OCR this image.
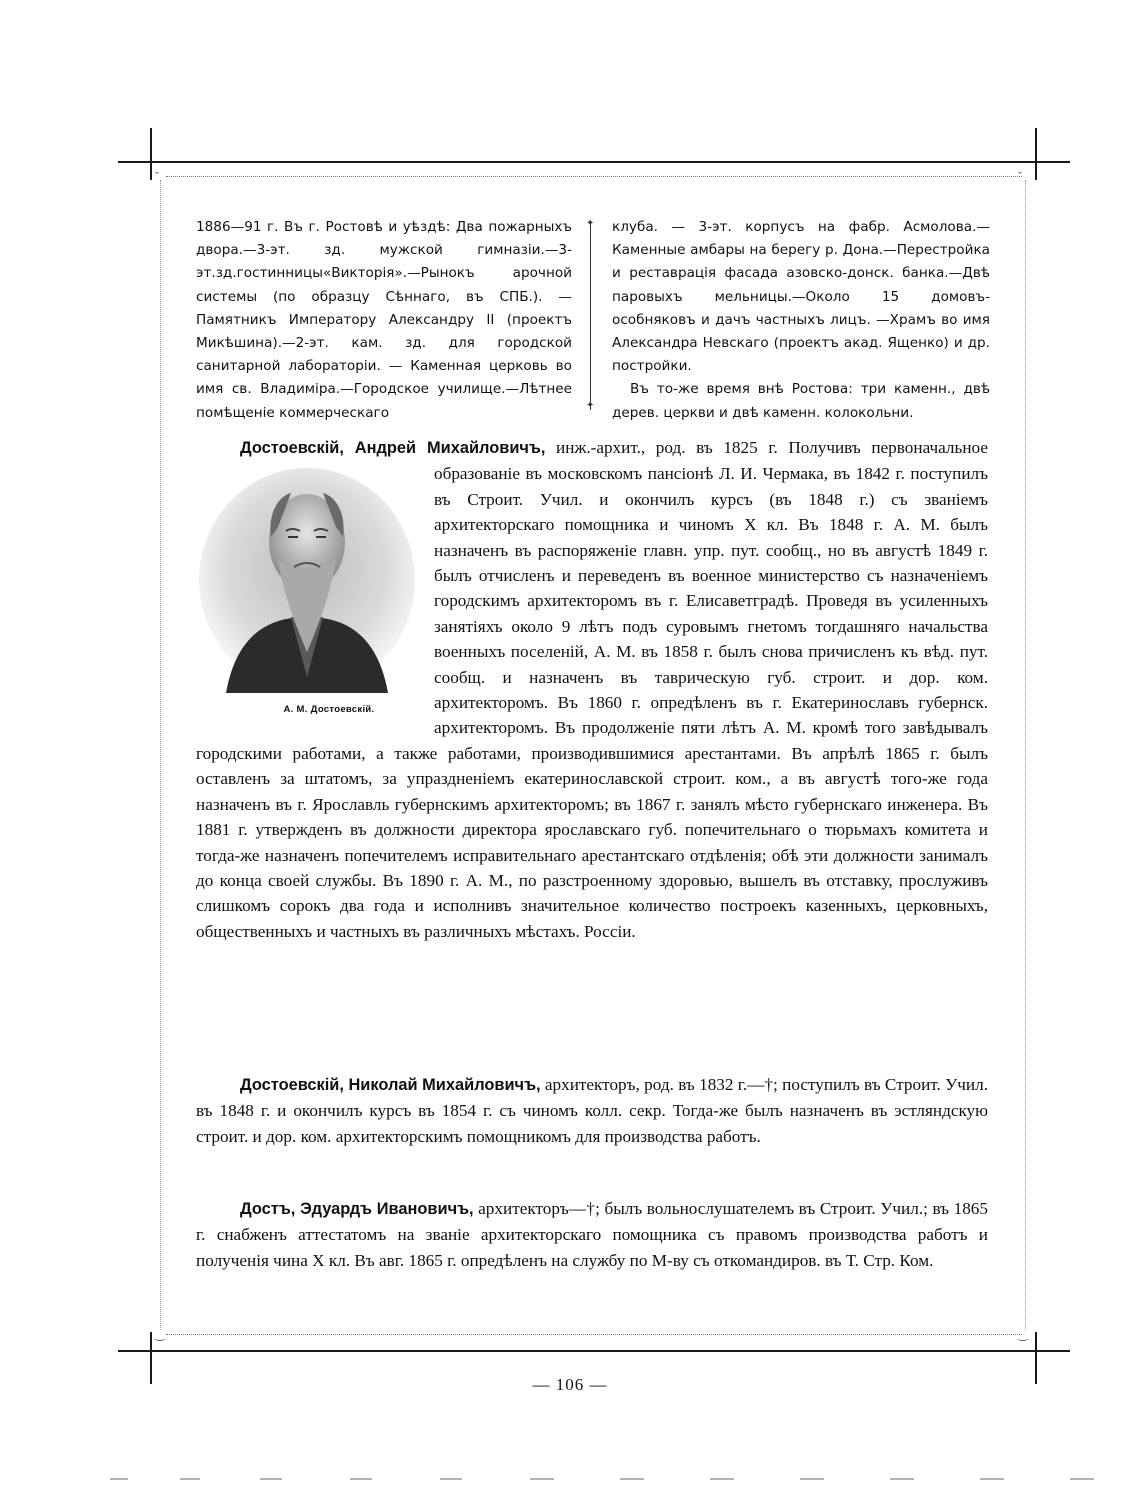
ˇ	ˇ
‿	‿

1886—91 г. Въ г. Ростовѣ и уѣздѣ: Два пожарныхъ двора.—3-эт. зд. мужской гимназіи.—3-эт.зд.гостинницы«Викторія».—Рынокъ арочной системы (по образцу Сѣннаго, въ СПБ.). —Памятникъ Императору Александру II (проектъ Микѣшина).—2-эт. кам. зд. для городской санитарной лабораторіи. — Каменная церковь во имя св. Владиміра.—Городское училище.—Лѣтнее помѣщеніе коммерческаго

✦
✦

клуба. — 3-эт. корпусъ на фабр. Асмолова.— Каменные амбары на берегу р. Дона.—Перестройка и реставрація фасада азовско-донск. банка.—Двѣ паровыхъ мельницы.—Около 15 домовъ-особняковъ и дачъ частныхъ лицъ. —Храмъ во имя Александра Невскаго (проектъ акад. Ященко) и др. постройки.

Въ то-же время внѣ Ростова: три каменн., двѣ дерев. церкви и двѣ каменн. колокольни.

Достоевскій, Андрей Михайловичъ, инж.-архит., род. въ 1825 г. Получивъ первоначальное образованіе въ московскомъ пансіонѣ Л. И. Чермака, въ 1842 г.
А. М. Достоевскій.
поступилъ въ Строит. Учил. и окончилъ курсъ (въ 1848 г.) съ званіемъ архитекторскаго помощника и чиномъ X кл. Въ 1848 г. А. М. былъ назначенъ въ распоряженіе главн. упр. пут. сообщ., но въ августѣ 1849 г. былъ отчисленъ и переведенъ въ военное министерство съ назначеніемъ городскимъ архитекторомъ въ г. Елисаветградѣ. Проведя въ усиленныхъ занятіяхъ около 9 лѣтъ подъ суровымъ гнетомъ тогдашняго начальства военныхъ поселеній, А. М. въ 1858 г. былъ снова причисленъ къ вѣд. пут. сообщ. и назначенъ въ таврическую губ. строит. и дор. ком. архитекторомъ. Въ 1860 г. опредѣленъ въ г. Екатеринославъ губернск. архитекторомъ. Въ продолженіе пяти лѣтъ А. М. кромѣ того завѣдывалъ городскими работами, а также работами, производившимися арестантами. Въ апрѣлѣ 1865 г. былъ оставленъ за штатомъ, за упраздненіемъ екатеринославской строит. ком., а въ августѣ того-же года назначенъ въ г. Ярославль губернскимъ архитекторомъ; въ 1867 г. занялъ мѣсто губернскаго инженера. Въ 1881 г. утвержденъ въ должности директора ярославскаго губ. попечительнаго о тюрьмахъ комитета и тогда-же назначенъ попечителемъ исправительнаго арестантскаго отдѣленія; обѣ эти должности занималъ до конца своей службы. Въ 1890 г. А. М., по разстроенному здоровью, вышелъ въ отставку, прослуживъ слишкомъ сорокъ два года и исполнивъ значительное количество построекъ казенныхъ, церковныхъ, общественныхъ и частныхъ въ различныхъ мѣстахъ. Россіи.
Достоевскій, Николай Михайловичъ, архитекторъ, род. въ 1832 г.—†; поступилъ въ Строит. Учил. въ 1848 г. и окончилъ курсъ въ 1854 г. съ чиномъ колл. секр. Тогда-же былъ назначенъ въ эстляндскую строит. и дор. ком. архитекторскимъ помощникомъ для производства работъ.
Достъ, Эдуардъ Ивановичъ, архитекторъ—†; былъ вольнослушателемъ въ Строит. Учил.; въ 1865 г. снабженъ аттестатомъ на званіе архитекторскаго помощника съ правомъ производства работъ и полученія чина X кл. Въ авг. 1865 г. опредѣленъ на службу по М-ву съ откомандиров. въ Т. Стр. Ком.
— 106 —
